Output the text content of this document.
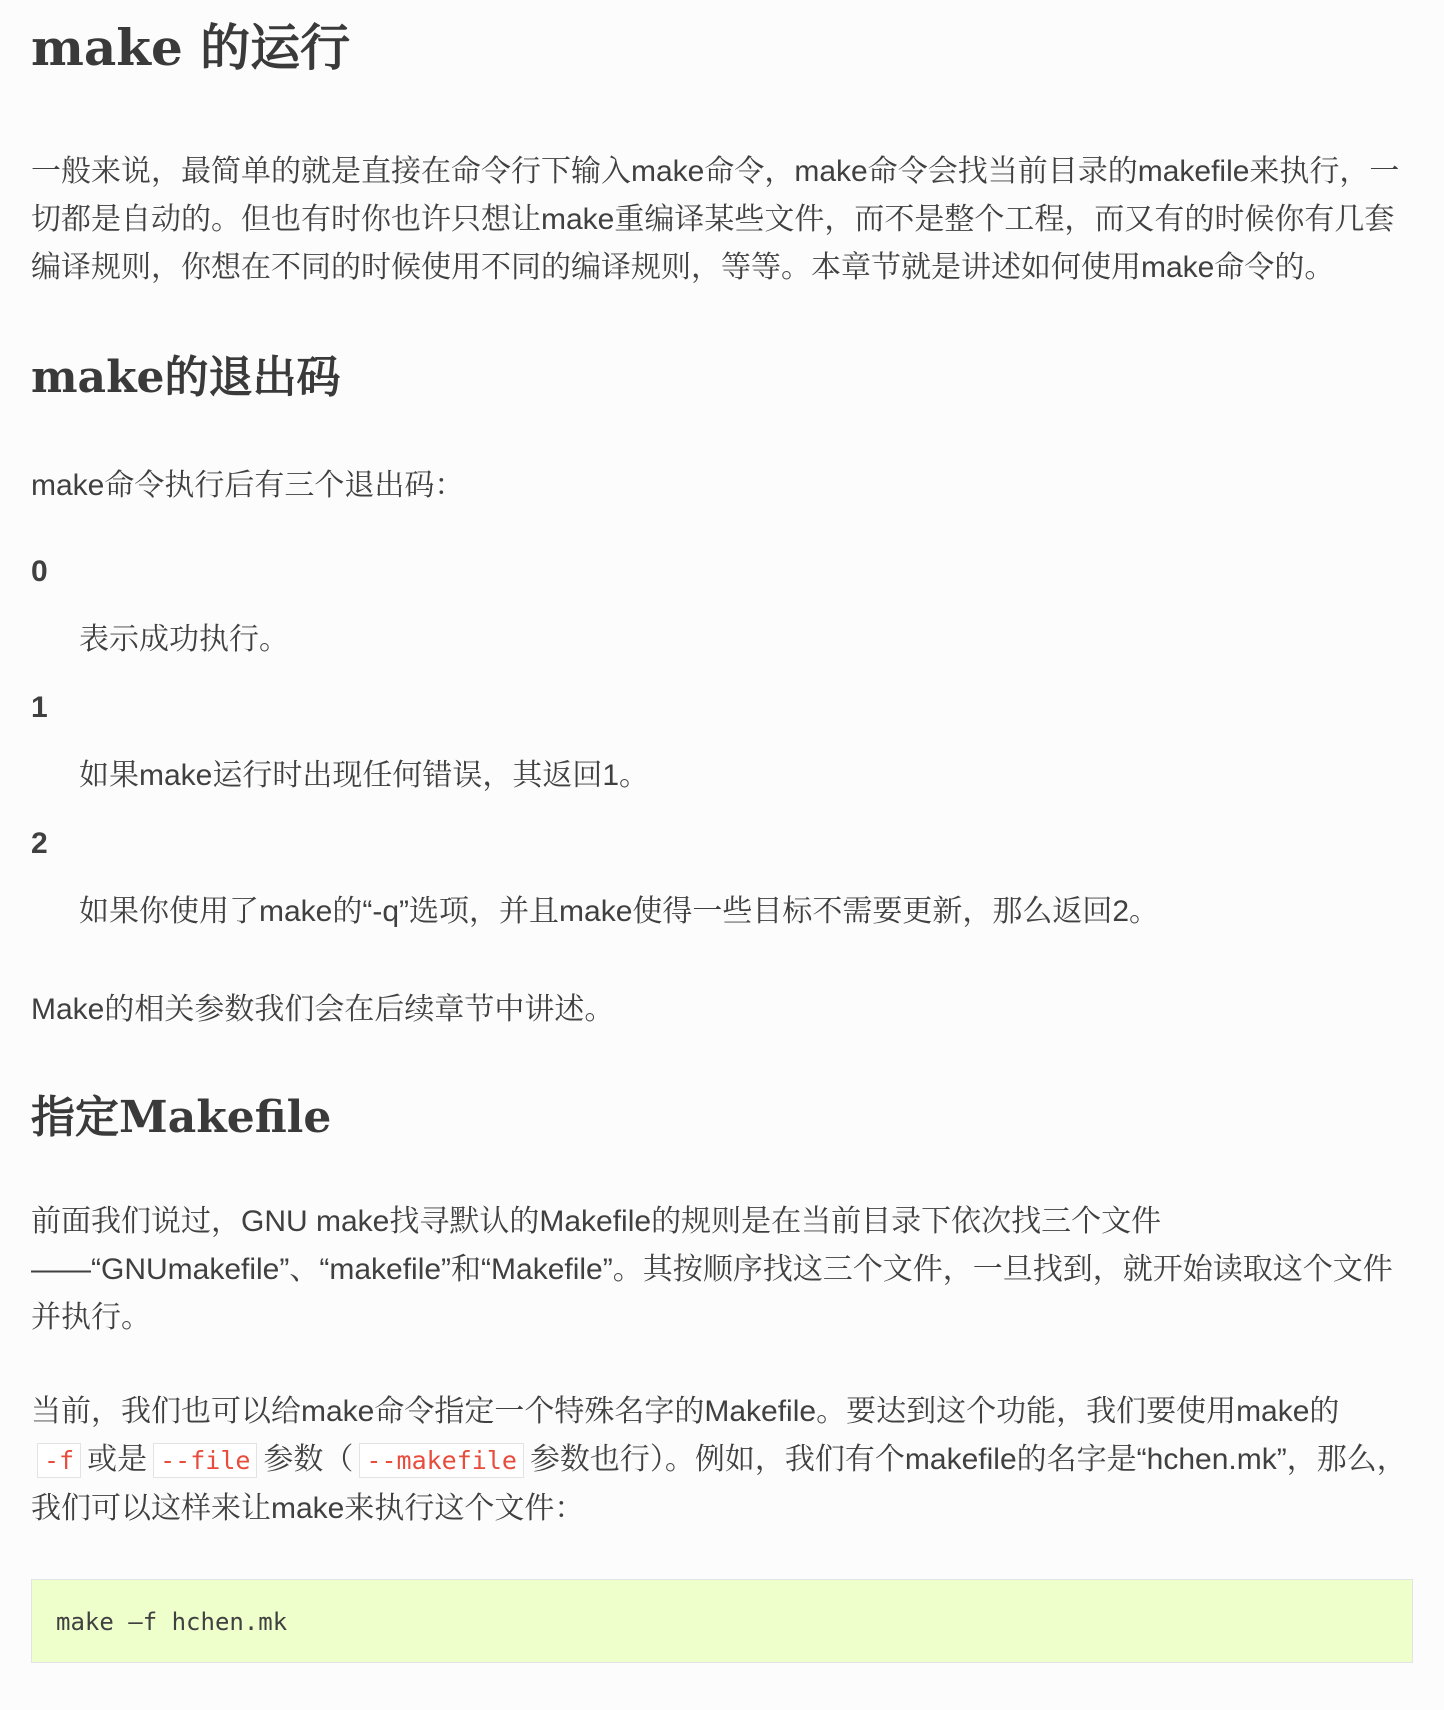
make 的运行

一般来说，最简单的就是直接在命令行下输入make命令，make命令会找当前目录的makefile来执行，一切都是自动的。但也有时你也许只想让make重编译某些文件，而不是整个工程，而又有的时候你有几套编译规则，你想在不同的时候使用不同的编译规则，等等。本章节就是讲述如何使用make命令的。

make的退出码

make命令执行后有三个退出码：

0
表示成功执行。
1
如果make运行时出现任何错误，其返回1。
2
如果你使用了make的“-q”选项，并且make使得一些目标不需要更新，那么返回2。

Make的相关参数我们会在后续章节中讲述。

指定Makefile

前面我们说过，GNU make找寻默认的Makefile的规则是在当前目录下依次找三个文件——“GNUmakefile”、“makefile”和“Makefile”。其按顺序找这三个文件，一旦找到，就开始读取这个文件并执行。

当前，我们也可以给make命令指定一个特殊名字的Makefile。要达到这个功能，我们要使用make的
-f 或是 --file 参数（ --makefile 参数也行）。例如，我们有个makefile的名字是“hchen.mk”，那么，我们可以这样来让make来执行这个文件：

make –f hchen.mk
